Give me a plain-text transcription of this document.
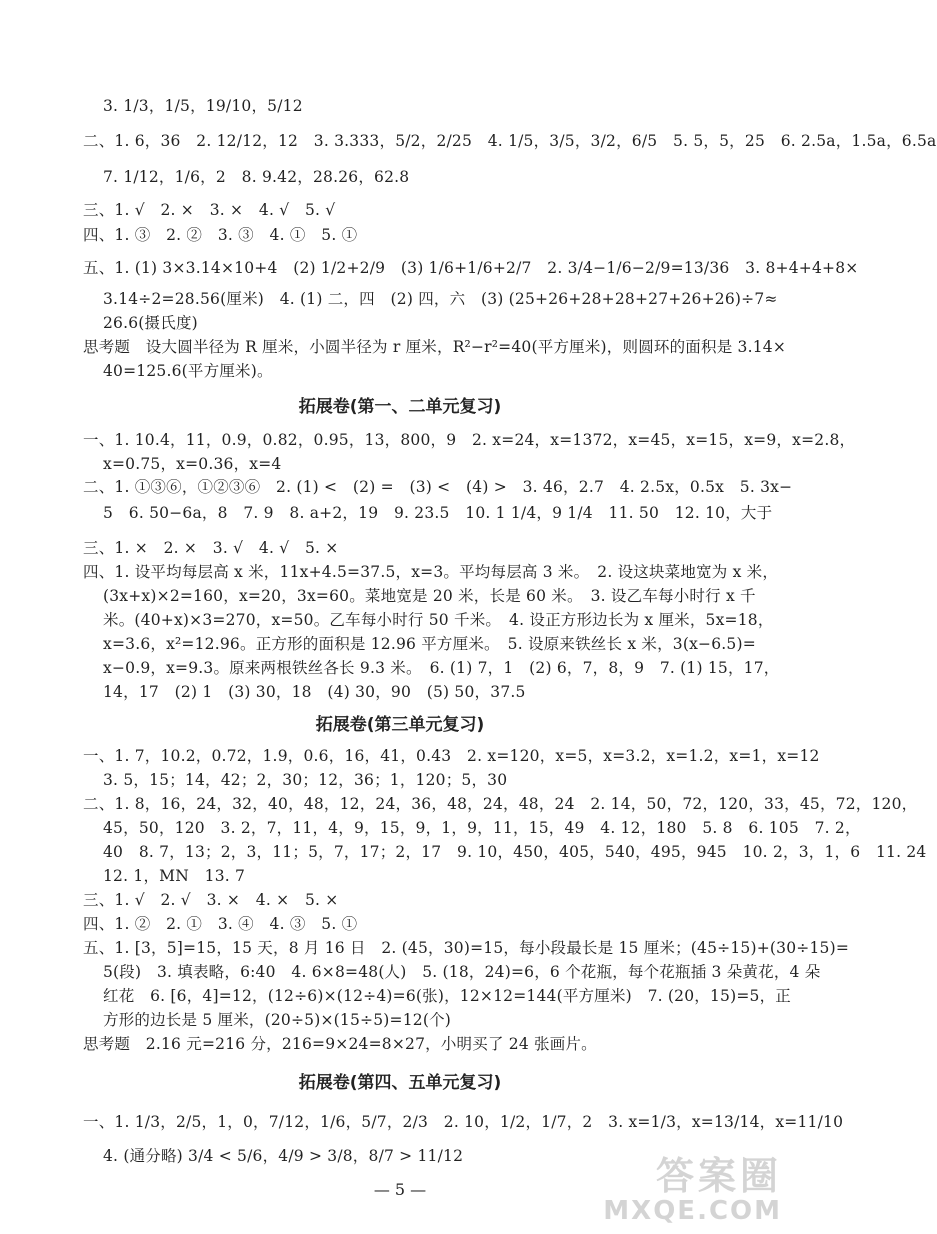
3. 1/3，1/5，19/10，5/12
二、1. 6，36　2. 12/12，12　3. 3.333，5/2，2/25　4. 1/5，3/5，3/2，6/5　5. 5，5，25　6. 2.5a，1.5a，6.5a
7. 1/12，1/6，2　8. 9.42，28.26，62.8
三、1. √　2. ×　3. ×　4. √　5. √
四、1. ③　2. ②　3. ③　4. ①　5. ①
五、1. (1) 3×3.14×10+4　(2) 1/2+2/9　(3) 1/6+1/6+2/7　2. 3/4−1/6−2/9=13/36　3. 8+4+4+8×
3.14÷2=28.56(厘米)　4. (1) 二，四　(2) 四，六　(3) (25+26+28+28+27+26+26)÷7≈
26.6(摄氏度)
思考题　设大圆半径为 R 厘米，小圆半径为 r 厘米，R²−r²=40(平方厘米)，则圆环的面积是 3.14×
40=125.6(平方厘米)。
拓展卷(第一、二单元复习)
一、1. 10.4，11，0.9，0.82，0.95，13，800，9　2. x=24，x=1372，x=45，x=15，x=9，x=2.8，
x=0.75，x=0.36，x=4
二、1. ①③⑥，①②③⑥　2. (1) <　(2) =　(3) <　(4) >　3. 46，2.7　4. 2.5x，0.5x　5. 3x−
5　6. 50−6a，8　7. 9　8. a+2，19　9. 23.5　10. 1 1/4，9 1/4　11. 50　12. 10，大于
三、1. ×　2. ×　3. √　4. √　5. ×
四、1. 设平均每层高 x 米，11x+4.5=37.5，x=3。平均每层高 3 米。　2. 设这块菜地宽为 x 米，
(3x+x)×2=160，x=20，3x=60。菜地宽是 20 米，长是 60 米。　3. 设乙车每小时行 x 千
米。(40+x)×3=270，x=50。乙车每小时行 50 千米。　4. 设正方形边长为 x 厘米，5x=18，
x=3.6，x²=12.96。正方形的面积是 12.96 平方厘米。　5. 设原来铁丝长 x 米，3(x−6.5)=
x−0.9，x=9.3。原来两根铁丝各长 9.3 米。　6. (1) 7，1　(2) 6，7，8，9　7. (1) 15，17，
14，17　(2) 1　(3) 30，18　(4) 30，90　(5) 50，37.5
拓展卷(第三单元复习)
一、1. 7，10.2，0.72，1.9，0.6，16，41，0.43　2. x=120，x=5，x=3.2，x=1.2，x=1，x=12
3. 5，15；14，42；2，30；12，36；1，120；5，30
二、1. 8，16，24，32，40，48，12，24，36，48，24，48，24　2. 14，50，72，120，33，45，72，120，
45，50，120　3. 2，7，11，4，9，15，9，1，9，11，15，49　4. 12，180　5. 8　6. 105　7. 2，
40　8. 7，13；2，3，11；5，7，17；2，17　9. 10，450，405，540，495，945　10. 2，3，1，6　11. 24
12. 1，MN　13. 7
三、1. √　2. √　3. ×　4. ×　5. ×
四、1. ②　2. ①　3. ④　4. ③　5. ①
五、1. [3，5]=15，15 天，8 月 16 日　2. (45，30)=15，每小段最长是 15 厘米；(45÷15)+(30÷15)=
5(段)　3. 填表略，6:40　4. 6×8=48(人)　5. (18，24)=6，6 个花瓶，每个花瓶插 3 朵黄花，4 朵
红花　6. [6，4]=12，(12÷6)×(12÷4)=6(张)，12×12=144(平方厘米)　7. (20，15)=5，正
方形的边长是 5 厘米，(20÷5)×(15÷5)=12(个)
思考题　2.16 元=216 分，216=9×24=8×27，小明买了 24 张画片。
拓展卷(第四、五单元复习)
一、1. 1/3，2/5，1，0，7/12，1/6，5/7，2/3　2. 10，1/2，1/7，2　3. x=1/3，x=13/14，x=11/10
4. (通分略) 3/4 < 5/6，4/9 > 3/8，8/7 > 11/12
— 5 —	答案圈
MXQE.COM
